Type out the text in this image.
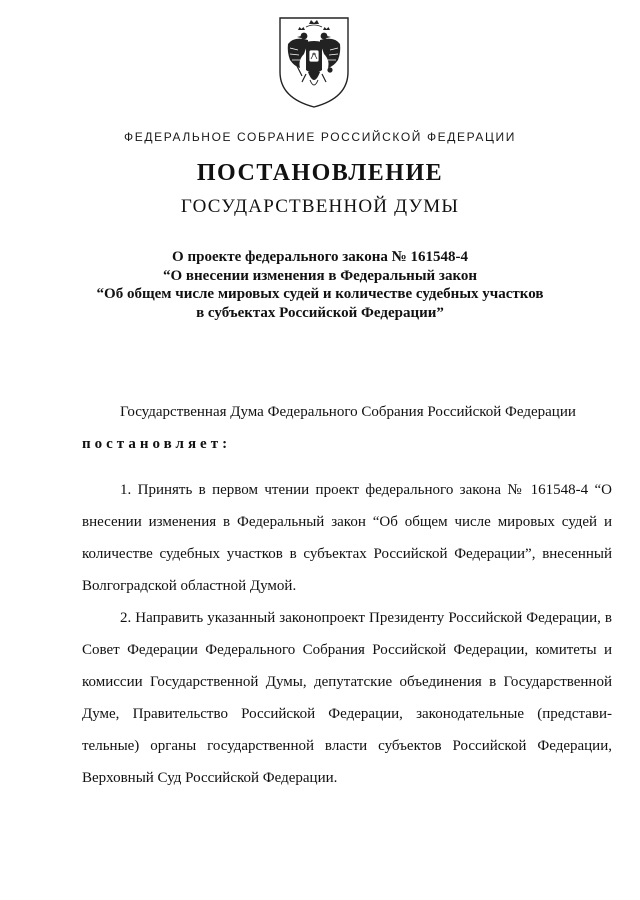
ФЕДЕРАЛЬНОЕ СОБРАНИЕ РОССИЙСКОЙ ФЕДЕРАЦИИ
ПОСТАНОВЛЕНИЕ
ГОСУДАРСТВЕННОЙ ДУМЫ
О проекте федерального закона № 161548-4
“О внесении изменения в Федеральный закон
“Об общем числе мировых судей и количестве судебных участков
в субъектах Российской Федерации”

Государственная Дума Федерального Собрания Российской Федерации

постановляет:

1. Принять в первом чтении проект федерального закона № 161548-4 “О внесении изменения в Федеральный закон “Об общем числе мировых судей и количестве судебных участков в субъектах Российской Федерации”, внесенный Волгоградской областной Думой.

2. Направить указанный законопроект Президенту Российской Федерации, в Совет Федерации Федерального Собрания Российской Федерации, комитеты и комиссии Государственной Думы, депутатские объединения в Государственной Думе, Правительство Российской Федерации, законодательные (представи-тельные) органы государственной власти субъектов Российской Федерации, Верховный Суд Российской Федерации.
